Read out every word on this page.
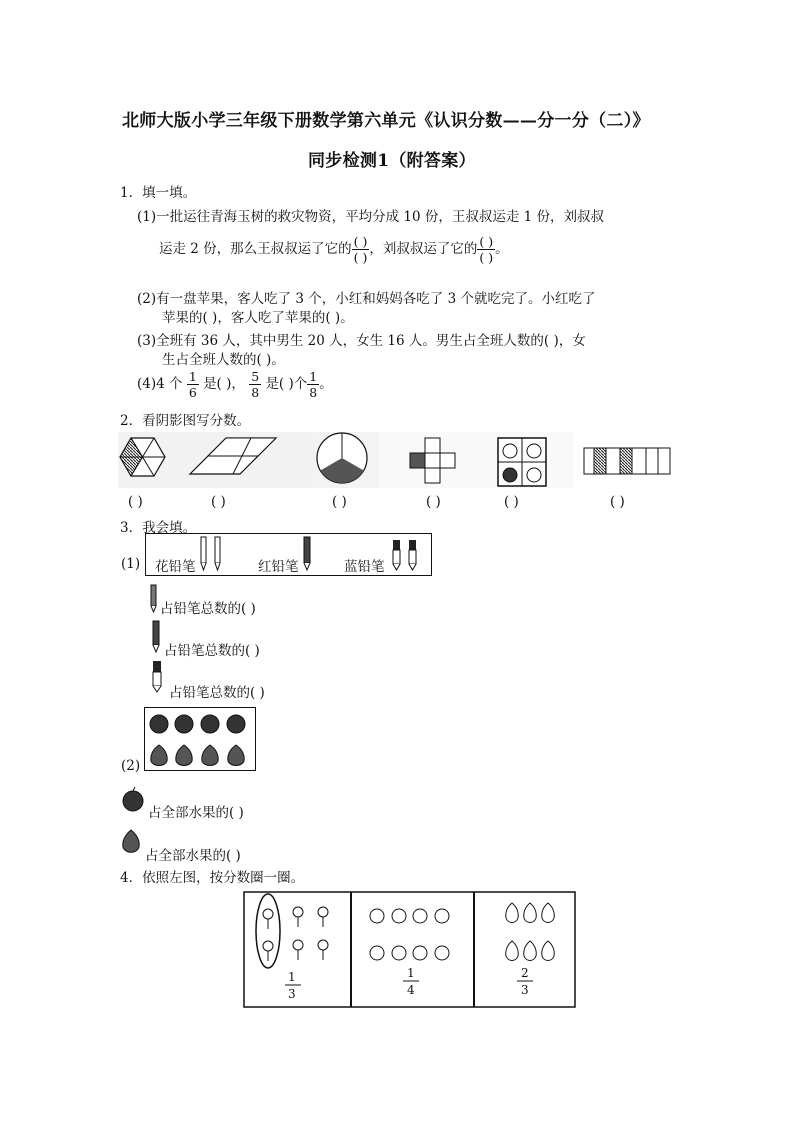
北师大版小学三年级下册数学第六单元《认识分数——分一分（二）》
同步检测1（附答案）
1．填一填。
(1)一批运往青海玉树的救灾物资，平均分成 10 份，王叔叔运走 1 份，刘叔叔
运走 2 份，那么王叔叔运了它的 $\frac{( )}{( )}$ ，刘叔叔运了它的 $\frac{( )}{( )}$ 。
(2)有一盘苹果，客人吃了 3 个，小红和妈妈各吃了 3 个就吃完了。小红吃了
苹果的( )，客人吃了苹果的( )。
(3)全班有 36 人，其中男生 20 人，女生 16 人。男生占全班人数的( )，女
生占全班人数的( )。
(4)4 个 $\frac{1}{6}$ 是( )， $\frac{5}{8}$ 是( )个 $\frac{1}{8}$ 。
2．看阴影图写分数。
( )	( )	( )	( )	( )	( )
3．我会填。
(1) 花铅笔	红铅笔	蓝铅笔
占铅笔总数的( )
占铅笔总数的( )
占铅笔总数的( )
(2)
占全部水果的( )
占全部水果的( )
4．依照左图，按分数圈一圈。
1
3
1
4
2
3
